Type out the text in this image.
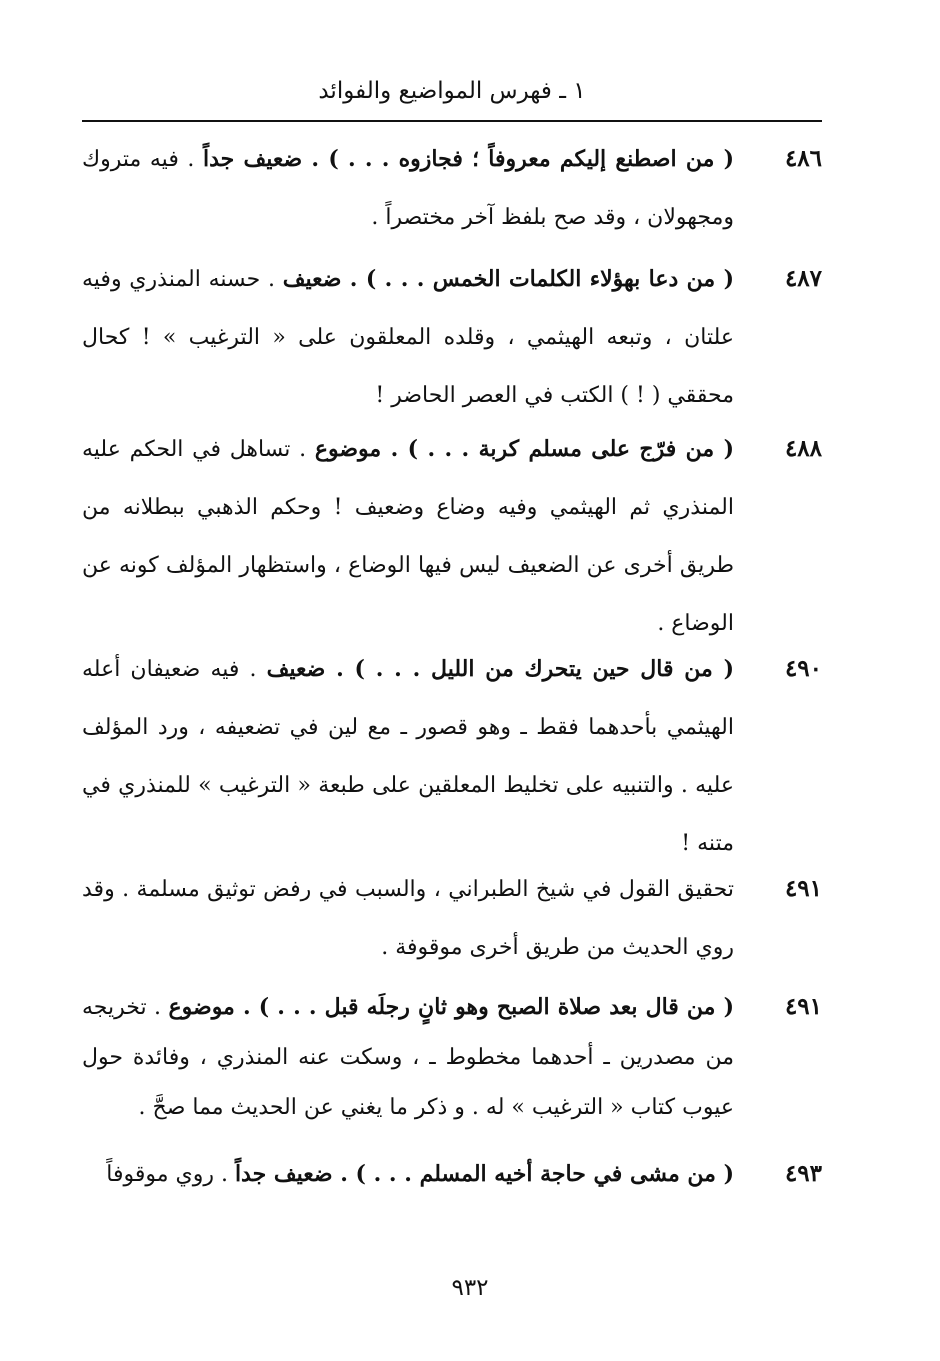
١ ـ فهرس المواضيع والفوائد
٤٨٦
( من اصطنع إليكم معروفاً ؛ فجازوه . . . ) . ضعيف جداً . فيه متروك ومجهولان ، وقد صح بلفظ آخر مختصراً .
٤٨٧
( من دعا بهؤلاء الكلمات الخمس . . . ) . ضعيف . حسنه المنذري وفيه علتان ، وتبعه الهيثمي ، وقلده المعلقون على « الترغيب » ! كحال محققي ( ! ) الكتب في العصر الحاضر !
٤٨٨
( من فرّج على مسلم كربة . . . ) . موضوع . تساهل في الحكم عليه المنذري ثم الهيثمي وفيه وضاع وضعيف ! وحكم الذهبي ببطلانه من طريق أخرى عن الضعيف ليس فيها الوضاع ، واستظهار المؤلف كونه عن الوضاع .
٤٩٠
( من قال حين يتحرك من الليل . . . ) . ضعيف . فيه ضعيفان أعله الهيثمي بأحدهما فقط ـ وهو قصور ـ مع لين في تضعيفه ، ورد المؤلف عليه . والتنبيه على تخليط المعلقين على طبعة « الترغيب » للمنذري في متنه !
٤٩١
تحقيق القول في شيخ الطبراني ، والسبب في رفض توثيق مسلمة . وقد روي الحديث من طريق أخرى موقوفة .
٤٩١
( من قال بعد صلاة الصبح وهو ثانٍ رجلَه قبل . . . ) . موضوع . تخريجه من مصدرين ـ أحدهما مخطوط ـ ، وسكت عنه المنذري ، وفائدة حول عيوب كتاب « الترغيب » له . و ذكر ما يغني عن الحديث مما صحَّ .
٤٩٣
( من مشى في حاجة أخيه المسلم . . . ) . ضعيف جداً . روي موقوفاً
٩٣٢
